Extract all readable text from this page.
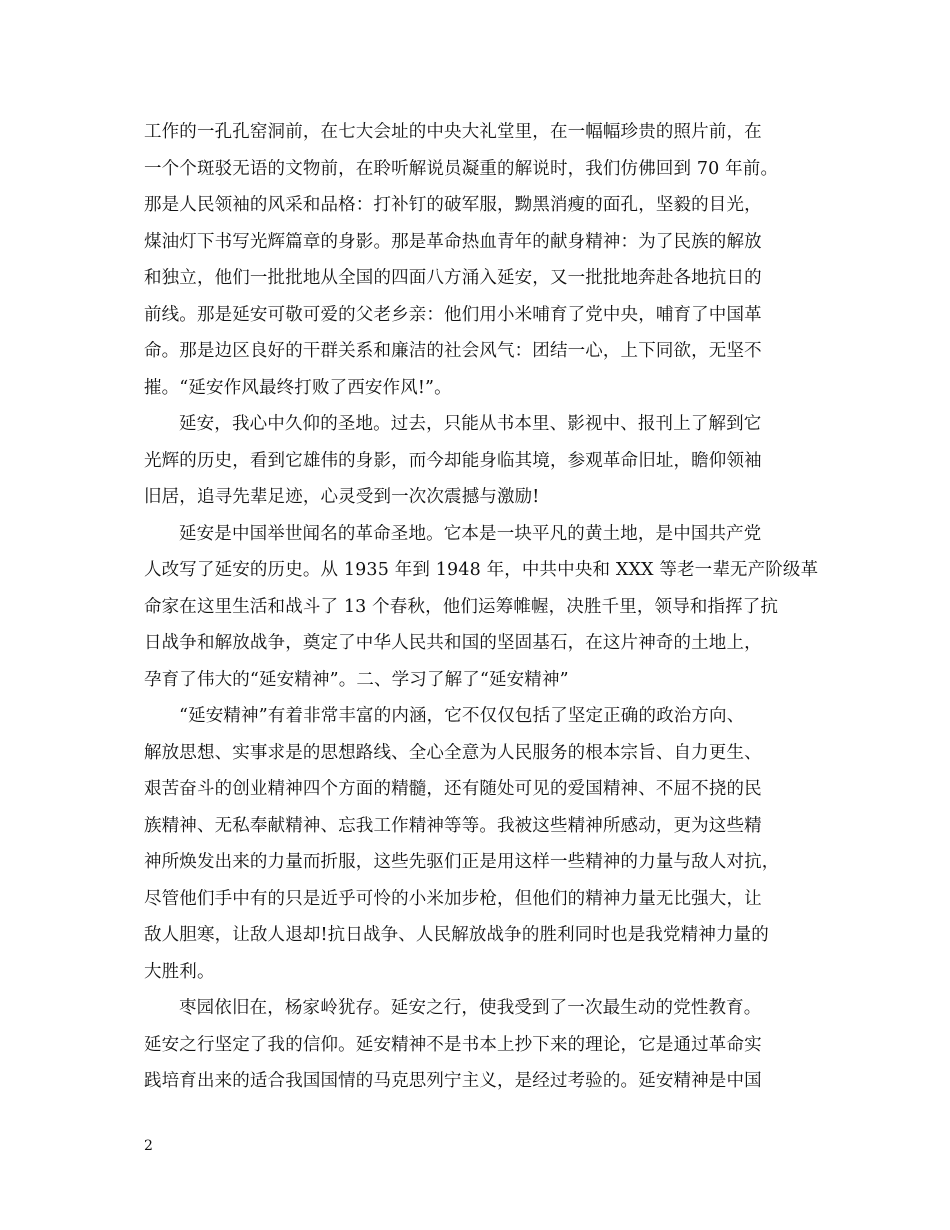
工作的一孔孔窑洞前，在七大会址的中央大礼堂里，在一幅幅珍贵的照片前，在
一个个斑驳无语的文物前，在聆听解说员凝重的解说时，我们仿佛回到 70 年前。
那是人民领袖的风采和品格：打补钉的破军服，黝黑消瘦的面孔，坚毅的目光，
煤油灯下书写光辉篇章的身影。那是革命热血青年的献身精神：为了民族的解放
和独立，他们一批批地从全国的四面八方涌入延安，又一批批地奔赴各地抗日的
前线。那是延安可敬可爱的父老乡亲：他们用小米哺育了党中央，哺育了中国革
命。那是边区良好的干群关系和廉洁的社会风气：团结一心，上下同欲，无坚不
摧。“延安作风最终打败了西安作风!”。
延安，我心中久仰的圣地。过去，只能从书本里、影视中、报刊上了解到它
光辉的历史，看到它雄伟的身影，而今却能身临其境，参观革命旧址，瞻仰领袖
旧居，追寻先辈足迹，心灵受到一次次震撼与激励!
延安是中国举世闻名的革命圣地。它本是一块平凡的黄土地，是中国共产党
人改写了延安的历史。从 1935 年到 1948 年，中共中央和 XXX 等老一辈无产阶级革
命家在这里生活和战斗了 13 个春秋，他们运筹帷幄，决胜千里，领导和指挥了抗
日战争和解放战争，奠定了中华人民共和国的坚固基石，在这片神奇的土地上，
孕育了伟大的“延安精神”。二、学习了解了“延安精神”
“延安精神”有着非常丰富的内涵，它不仅仅包括了坚定正确的政治方向、
解放思想、实事求是的思想路线、全心全意为人民服务的根本宗旨、自力更生、
艰苦奋斗的创业精神四个方面的精髓，还有随处可见的爱国精神、不屈不挠的民
族精神、无私奉献精神、忘我工作精神等等。我被这些精神所感动，更为这些精
神所焕发出来的力量而折服，这些先驱们正是用这样一些精神的力量与敌人对抗，
尽管他们手中有的只是近乎可怜的小米加步枪，但他们的精神力量无比强大，让
敌人胆寒，让敌人退却!抗日战争、人民解放战争的胜利同时也是我党精神力量的
大胜利。
枣园依旧在，杨家岭犹存。延安之行，使我受到了一次最生动的党性教育。
延安之行坚定了我的信仰。延安精神不是书本上抄下来的理论，它是通过革命实
践培育出来的适合我国国情的马克思列宁主义，是经过考验的。延安精神是中国
2
